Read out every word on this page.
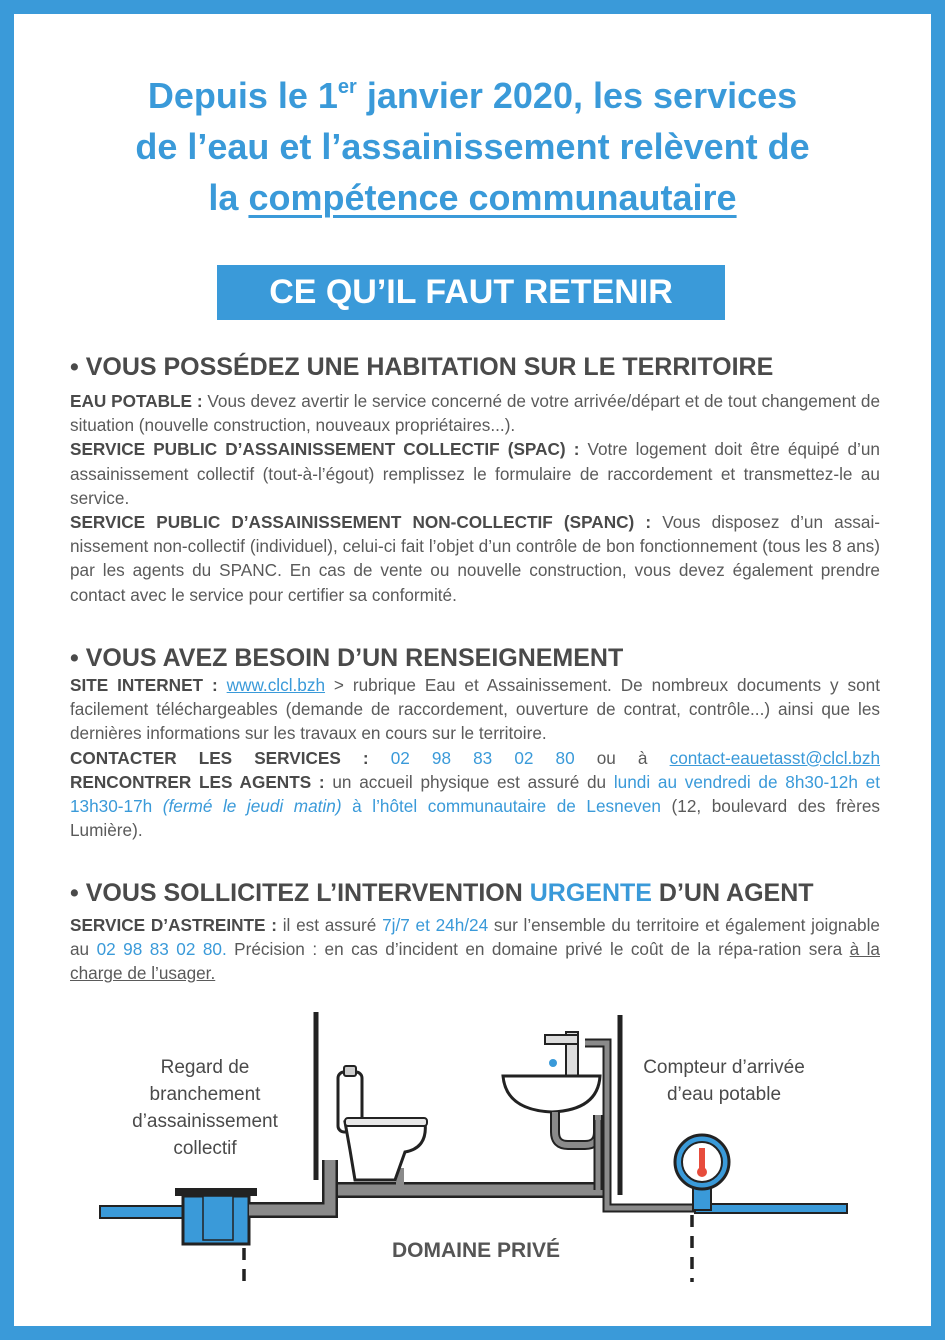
Depuis le 1er janvier 2020, les services
de l’eau et l’assainissement relèvent de
la compétence communautaire
CE QU’IL FAUT RETENIR
• VOUS POSSÉDEZ UNE HABITATION SUR LE TERRITOIRE
EAU POTABLE : Vous devez avertir le service concerné de votre arrivée/départ et de tout changement de situation (nouvelle construction, nouveaux propriétaires...).
SERVICE PUBLIC D’ASSAINISSEMENT COLLECTIF (SPAC) : Votre logement doit être équipé d’un assainissement collectif (tout-à-l’égout) remplissez le formulaire de raccordement et transmettez-le au service.
SERVICE PUBLIC D’ASSAINISSEMENT NON-COLLECTIF (SPANC) : Vous disposez d’un assai-nissement non-collectif (individuel), celui-ci fait l’objet d’un contrôle de bon fonctionnement (tous les 8 ans) par les agents du SPANC. En cas de vente ou nouvelle construction, vous devez également prendre contact avec le service pour certifier sa conformité.
• VOUS AVEZ BESOIN D’UN RENSEIGNEMENT
SITE INTERNET : www.clcl.bzh > rubrique Eau et Assainissement. De nombreux documents y sont facilement téléchargeables (demande de raccordement, ouverture de contrat, contrôle...) ainsi que les dernières informations sur les travaux en cours sur le territoire.

CONTACTER LES SERVICES : 02 98 83 02 80 ou à contact-eauetasst@clcl.bzh
RENCONTRER LES AGENTS : un accueil physique est assuré du lundi au vendredi de 8h30-12h et 13h30-17h (fermé le jeudi matin) à l’hôtel communautaire de Lesneven (12, boulevard des frères Lumière).
• VOUS SOLLICITEZ L’INTERVENTION URGENTE D’UN AGENT
SERVICE D’ASTREINTE : il est assuré 7j/7 et 24h/24 sur l’ensemble du territoire et également joignable au 02 98 83 02 80. Précision : en cas d’incident en domaine privé le coût de la répa-ration sera à la charge de l’usager.
Regard de
branchement
d’assainissement
collectif
Compteur d’arrivée
d’eau potable
DOMAINE PRIVÉ
